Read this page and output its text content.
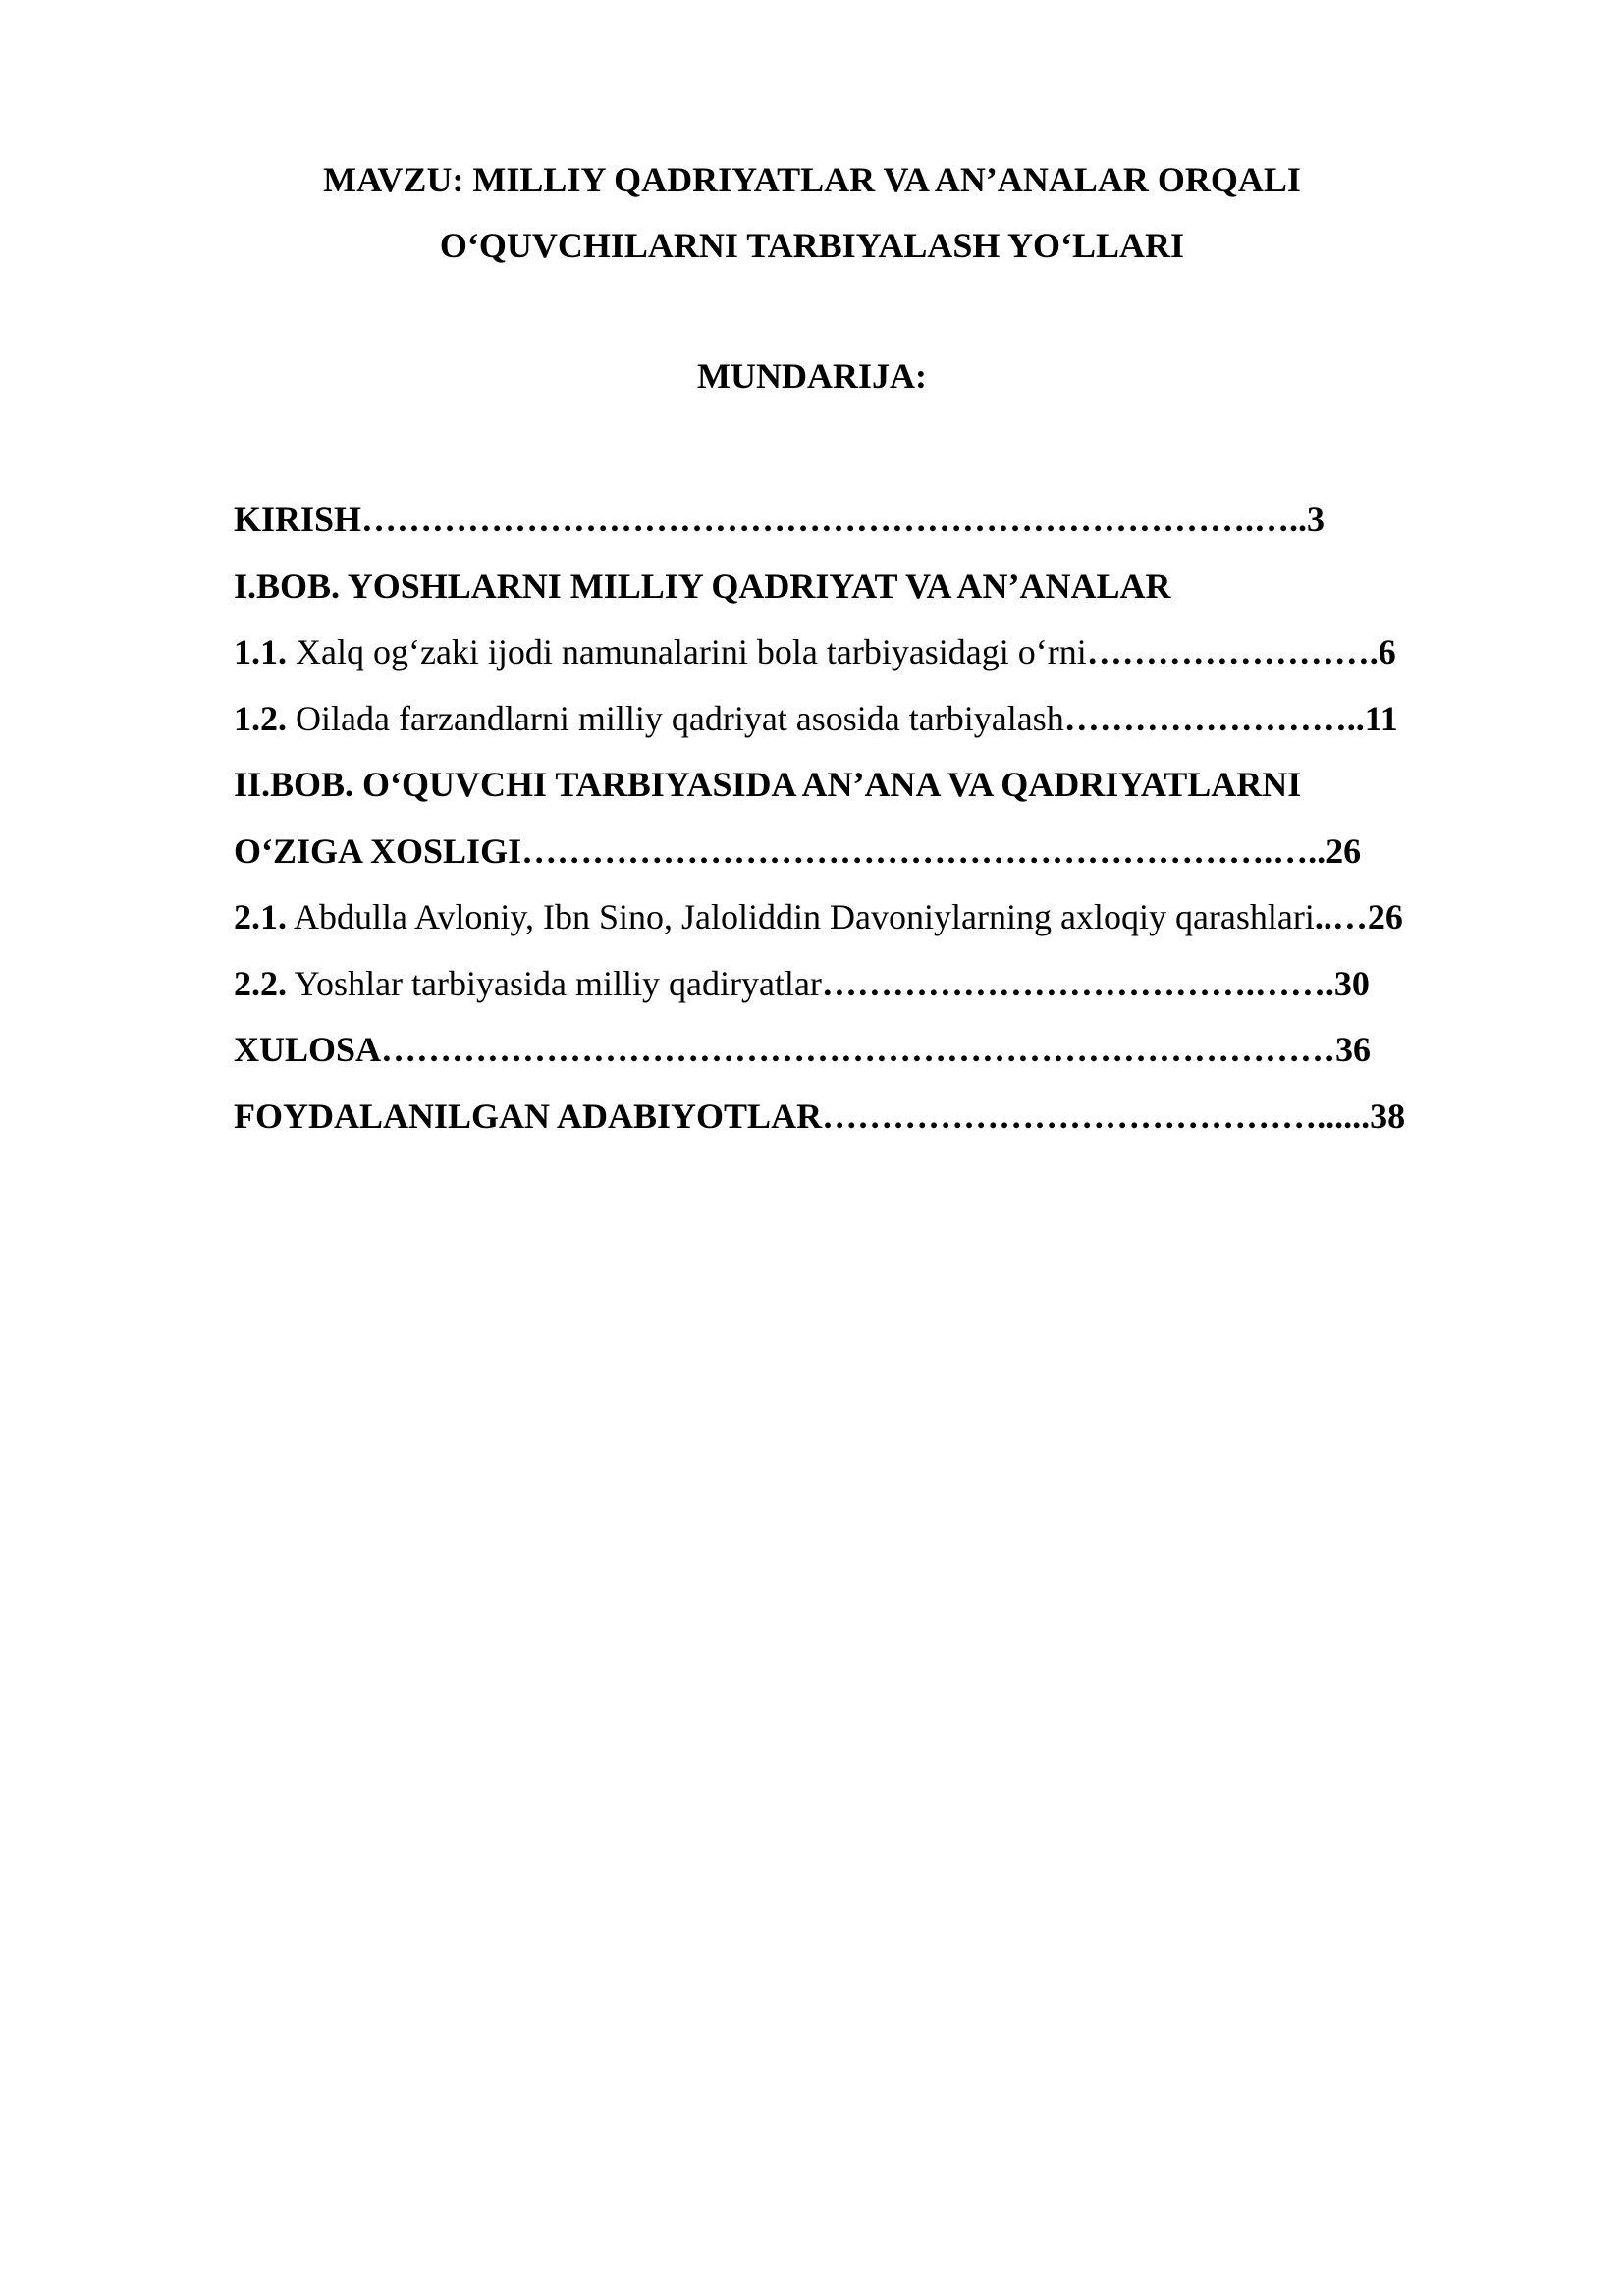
MAVZU: MILLIY QADRIYATLAR VA AN’ANALAR ORQALI
O‘QUVCHILARNI TARBIYALASH YO‘LLARI
MUNDARIJA:
KIRISH………………………………………………………………….…..3
I.BOB. YOSHLARNI MILLIY QADRIYAT VA AN’ANALAR
1.1. Xalq og‘zaki ijodi namunalarini bola tarbiyasidagi o‘rni…………………….6
1.2. Oilada farzandlarni milliy qadriyat asosida tarbiyalash……………………..11
II.BOB. O‘QUVCHI TARBIYASIDA AN’ANA VA QADRIYATLARNI
O‘ZIGA XOSLIGI……………………………………………………….…..26
2.1. Abdulla Avloniy, Ibn Sino, Jaloliddin Davoniylarning axloqiy qarashlari..…26
2.2. Yoshlar tarbiyasida milliy qadiryatlar……………………………….…….30
XULOSA………………………………………………………………………36
FOYDALANILGAN ADABIYOTLAR……………………………………......38
